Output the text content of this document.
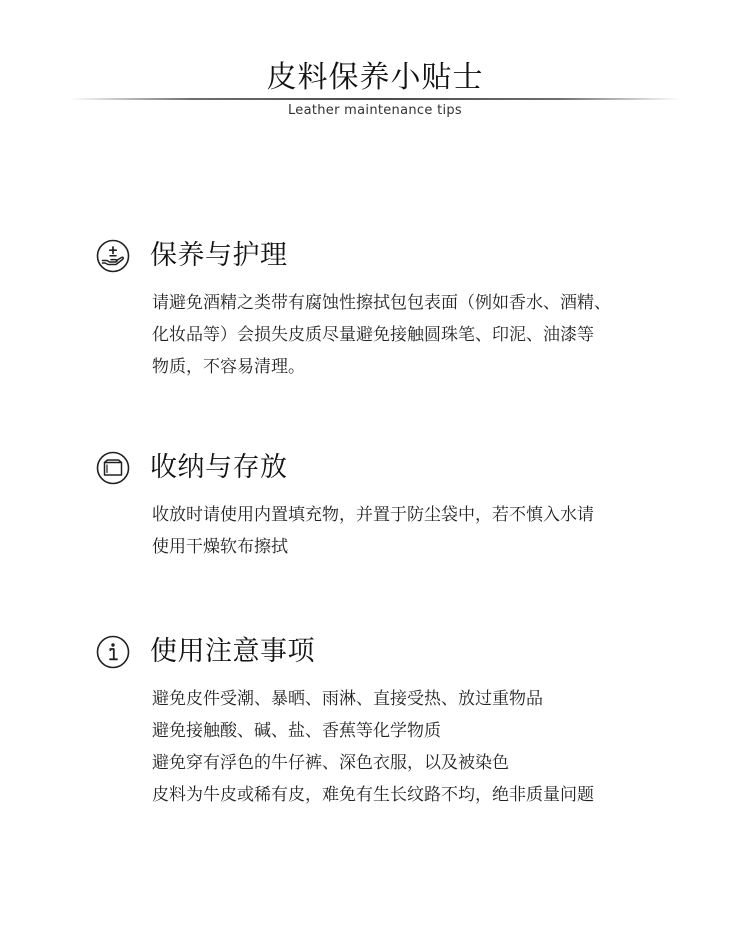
皮料保养小贴士
Leather maintenance tips
保养与护理
请避免酒精之类带有腐蚀性擦拭包包表面（例如香水、酒精、
化妆品等）会损失皮质尽量避免接触圆珠笔、印泥、油漆等
物质，不容易清理。
收纳与存放
收放时请使用内置填充物，并置于防尘袋中，若不慎入水请
使用干燥软布擦拭
使用注意事项
避免皮件受潮、暴晒、雨淋、直接受热、放过重物品
避免接触酸、碱、盐、香蕉等化学物质
避免穿有浮色的牛仔裤、深色衣服，以及被染色
皮料为牛皮或稀有皮，难免有生长纹路不均，绝非质量问题
